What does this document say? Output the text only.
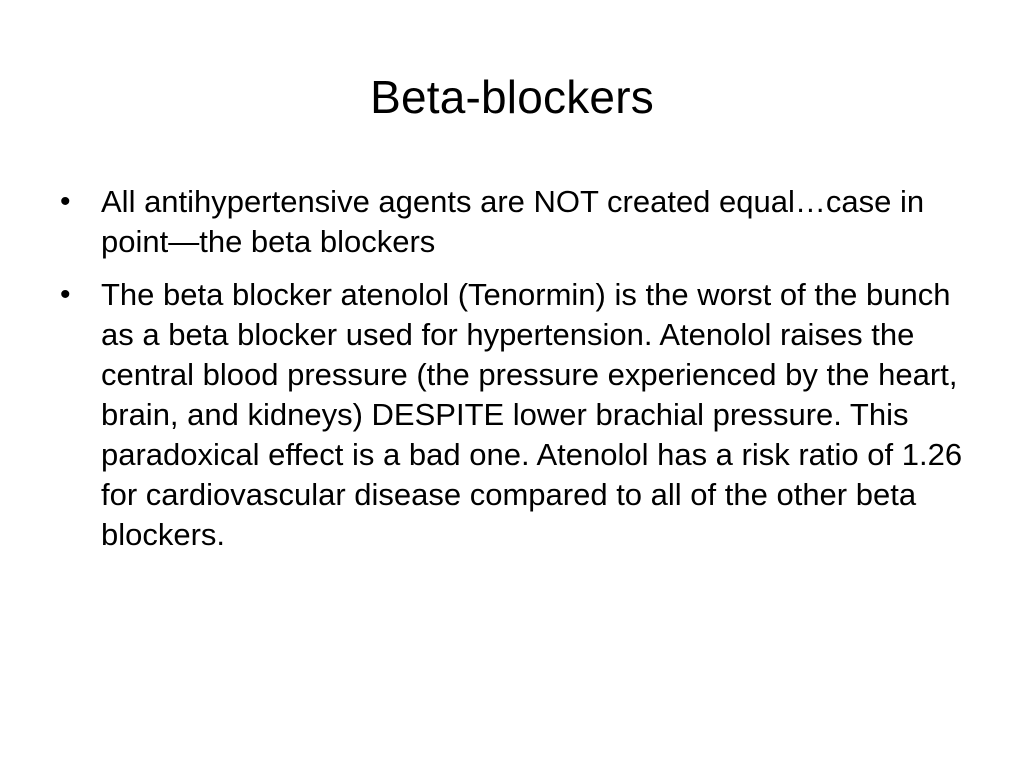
Beta-blockers
• All antihypertensive agents are NOT created equal…case in point—the beta blockers
• The beta blocker atenolol (Tenormin) is the worst of the bunch as a beta blocker used for hypertension. Atenolol raises the central blood pressure (the pressure experienced by the heart, brain, and kidneys) DESPITE lower brachial pressure. This paradoxical effect is a bad one. Atenolol has a risk ratio of 1.26 for cardiovascular disease compared to all of the other beta blockers.
